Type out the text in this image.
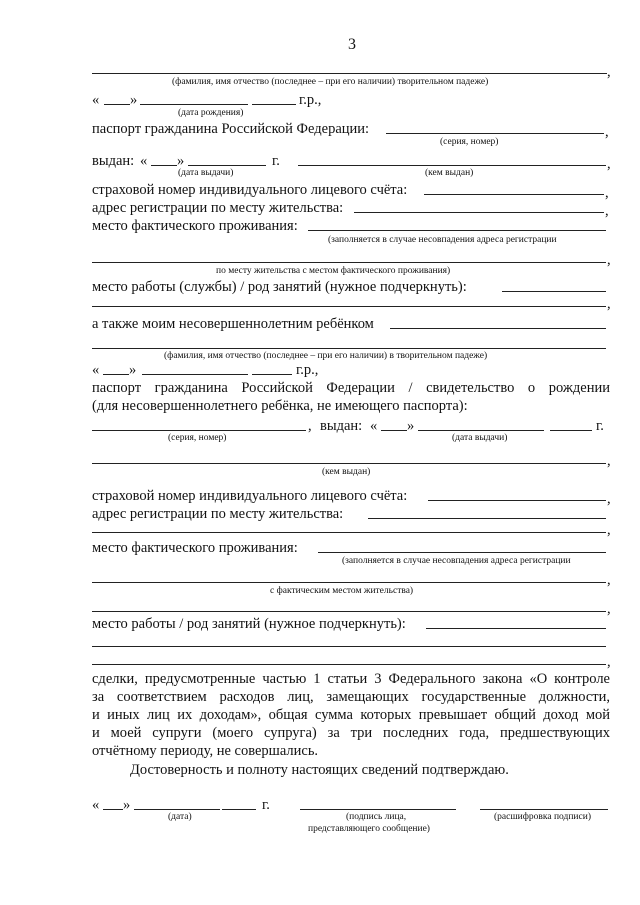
3
,
(фамилия, имя отчество (последнее – при его наличии) творительном падеже)
« »	г.р.,
(дата рождения)
паспорт гражданина Российской Федерации:	,
(серия, номер)
выдан: « »	г.	,
(дата выдачи)	(кем выдан)
страховой номер индивидуального лицевого счёта:	,
адрес регистрации по месту жительства:	,
место фактического проживания:
(заполняется в случае несовпадения адреса регистрации
,
по месту жительства с местом фактического проживания)
место работы (службы) / род занятий (нужное подчеркнуть):
,
а также моим несовершеннолетним ребёнком
(фамилия, имя отчество (последнее – при его наличии) в творительном падеже)
« »	г.р.,
паспорт гражданина Российской Федерации / свидетельство о рождении
(для несовершеннолетнего ребёнка, не имеющего паспорта):
, выдан: « »	г.
(серия, номер)	(дата выдачи)
,
(кем выдан)
страховой номер индивидуального лицевого счёта:	,
адрес регистрации по месту жительства:
,
место фактического проживания:
(заполняется в случае несовпадения адреса регистрации
,
с фактическим местом жительства)
,
место работы / род занятий (нужное подчеркнуть):
,
сделки, предусмотренные частью 1 статьи 3 Федерального закона «О контроле
за соответствием расходов лиц, замещающих государственные должности,
и иных лиц их доходам», общая сумма которых превышает общий доход мой
и моей супруги (моего супруга) за три последних года, предшествующих
отчётному периоду, не совершались.
Достоверность и полноту настоящих сведений подтверждаю.
« »	г.
(дата)	(подпись лица,
представляющего сообщение)
(расшифровка подписи)
